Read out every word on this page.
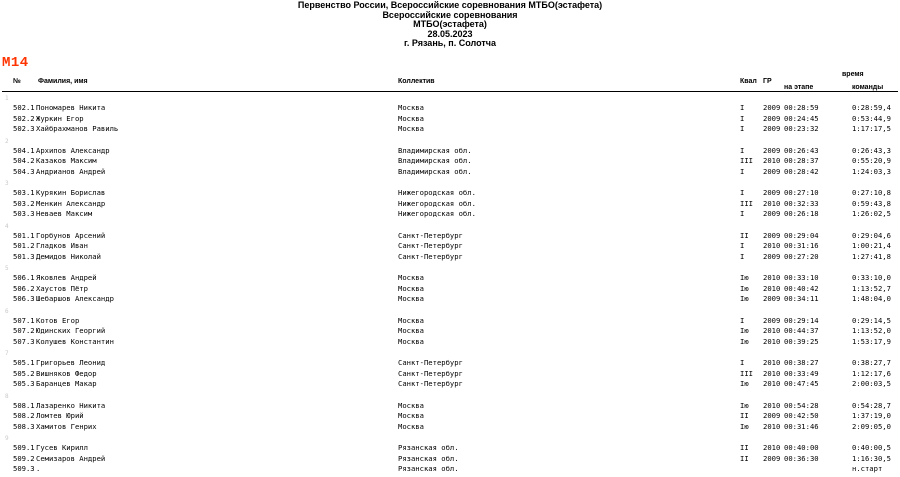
Первенство России, Всероссийские соревнования МТБО(эстафета)
Всероссийские соревнования
МТБО(эстафета)
28.05.2023
г. Рязань, п. Солотча
М14
№ Фамилия, имя	Коллектив	Квал ГР
время
на этапе	команды
1
502.1 Пономарев Никита	Москва	I	2009 00:28:59	0:28:59,4
502.2 Журкин Егор	Москва	I	2009 00:24:45	0:53:44,9
502.3 Хайбрахманов Равиль	Москва	I	2009 00:23:32	1:17:17,5
2
504.1 Архипов Александр	Владимирская обл.	I	2009 00:26:43	0:26:43,3
504.2 Казаков Максим	Владимирская обл.	III 2010 00:28:37	0:55:20,9
504.3 Андрианов Андрей	Владимирская обл.	I	2009 00:28:42	1:24:03,3
3
503.1 Курякин Борислав	Нижегородская обл.	I	2009 00:27:10	0:27:10,8
503.2 Менкин Александр	Нижегородская обл.	III 2010 00:32:33	0:59:43,8
503.3 Неваев Максим	Нижегородская обл.	I	2009 00:26:18	1:26:02,5
4
501.1 Горбунов Арсений	Санкт-Петербург	II 2009 00:29:04	0:29:04,6
501.2 Гладков Иван	Санкт-Петербург	I	2010 00:31:16	1:00:21,4
501.3 Демидов Николай	Санкт-Петербург	I	2009 00:27:20	1:27:41,8
5
506.1 Яковлев Андрей	Москва	Iю 2010 00:33:10	0:33:10,0
506.2 Хаустов Пётр	Москва	Iю 2010 00:40:42	1:13:52,7
506.3 Шебаршов Александр	Москва	Iю 2009 00:34:11	1:48:04,0
6
507.1 Котов Егор	Москва	I	2009 00:29:14	0:29:14,5
507.2 Юдинских Георгий	Москва	Iю 2010 00:44:37	1:13:52,0
507.3 Колушев Константин	Москва	Iю 2010 00:39:25	1:53:17,9
7
505.1 Григорьев Леонид	Санкт-Петербург	I	2010 00:38:27	0:38:27,7
505.2 Вишняков Федор	Санкт-Петербург	III 2010 00:33:49	1:12:17,6
505.3 Баранцев Макар	Санкт-Петербург	Iю 2010 00:47:45	2:00:03,5
8
508.1 Лазаренко Никита	Москва	Iю 2010 00:54:28	0:54:28,7
508.2 Ломтев Юрий	Москва	II 2009 00:42:50	1:37:19,0
508.3 Хамитов Генрих	Москва	Iю 2010 00:31:46	2:09:05,0
9
509.1 Гусев Кирилл	Рязанская обл.	II 2010 00:40:00	0:40:00,5
509.2 Семизаров Андрей	Рязанская обл.	II 2009 00:36:30	1:16:30,5
509.3 .	Рязанская обл.	н.старт
